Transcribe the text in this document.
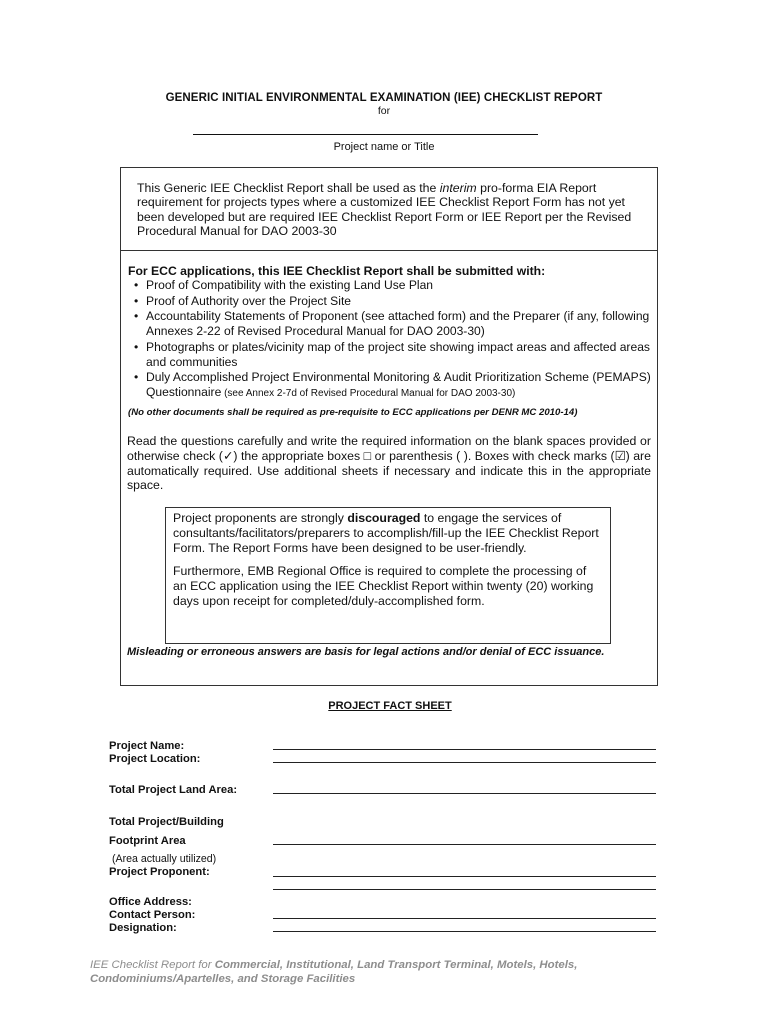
GENERIC INITIAL ENVIRONMENTAL EXAMINATION (IEE) CHECKLIST REPORT
for
Project name or Title
This Generic IEE Checklist Report shall be used as the interim pro-forma EIA Report requirement for projects types where a customized IEE Checklist Report Form has not yet been developed but are required IEE Checklist Report Form or IEE Report per the Revised Procedural Manual for DAO 2003-30
For ECC applications, this IEE Checklist Report shall be submitted with:
• Proof of Compatibility with the existing Land Use Plan
• Proof of Authority over the Project Site
• Accountability Statements of Proponent (see attached form) and the Preparer (if any, following Annexes 2-22 of Revised Procedural Manual for DAO 2003-30)
• Photographs or plates/vicinity map of the project site showing impact areas and affected areas and communities
• Duly Accomplished Project Environmental Monitoring & Audit Prioritization Scheme (PEMAPS) Questionnaire (see Annex 2-7d of Revised Procedural Manual for DAO 2003-30)
(No other documents shall be required as pre-requisite to ECC applications per DENR MC 2010-14)
Read the questions carefully and write the required information on the blank spaces provided or otherwise check (✓) the appropriate boxes □ or parenthesis ( ). Boxes with check marks (☑) are automatically required. Use additional sheets if necessary and indicate this in the appropriate space.

Project proponents are strongly discouraged to engage the services of consultants/facilitators/preparers to accomplish/fill-up the IEE Checklist Report Form. The Report Forms have been designed to be user-friendly.

Furthermore, EMB Regional Office is required to complete the processing of an ECC application using the IEE Checklist Report within twenty (20) working days upon receipt for completed/duly-accomplished form.

Misleading or erroneous answers are basis for legal actions and/or denial of ECC issuance.
PROJECT FACT SHEET
Project Name:
Project Location:
Total Project Land Area:
Total Project/Building
Footprint Area
(Area actually utilized)
Project Proponent:
Office Address:
Contact Person:
Designation:
IEE Checklist Report for Commercial, Institutional, Land Transport Terminal, Motels, Hotels, Condominiums/Apartelles, and Storage Facilities
